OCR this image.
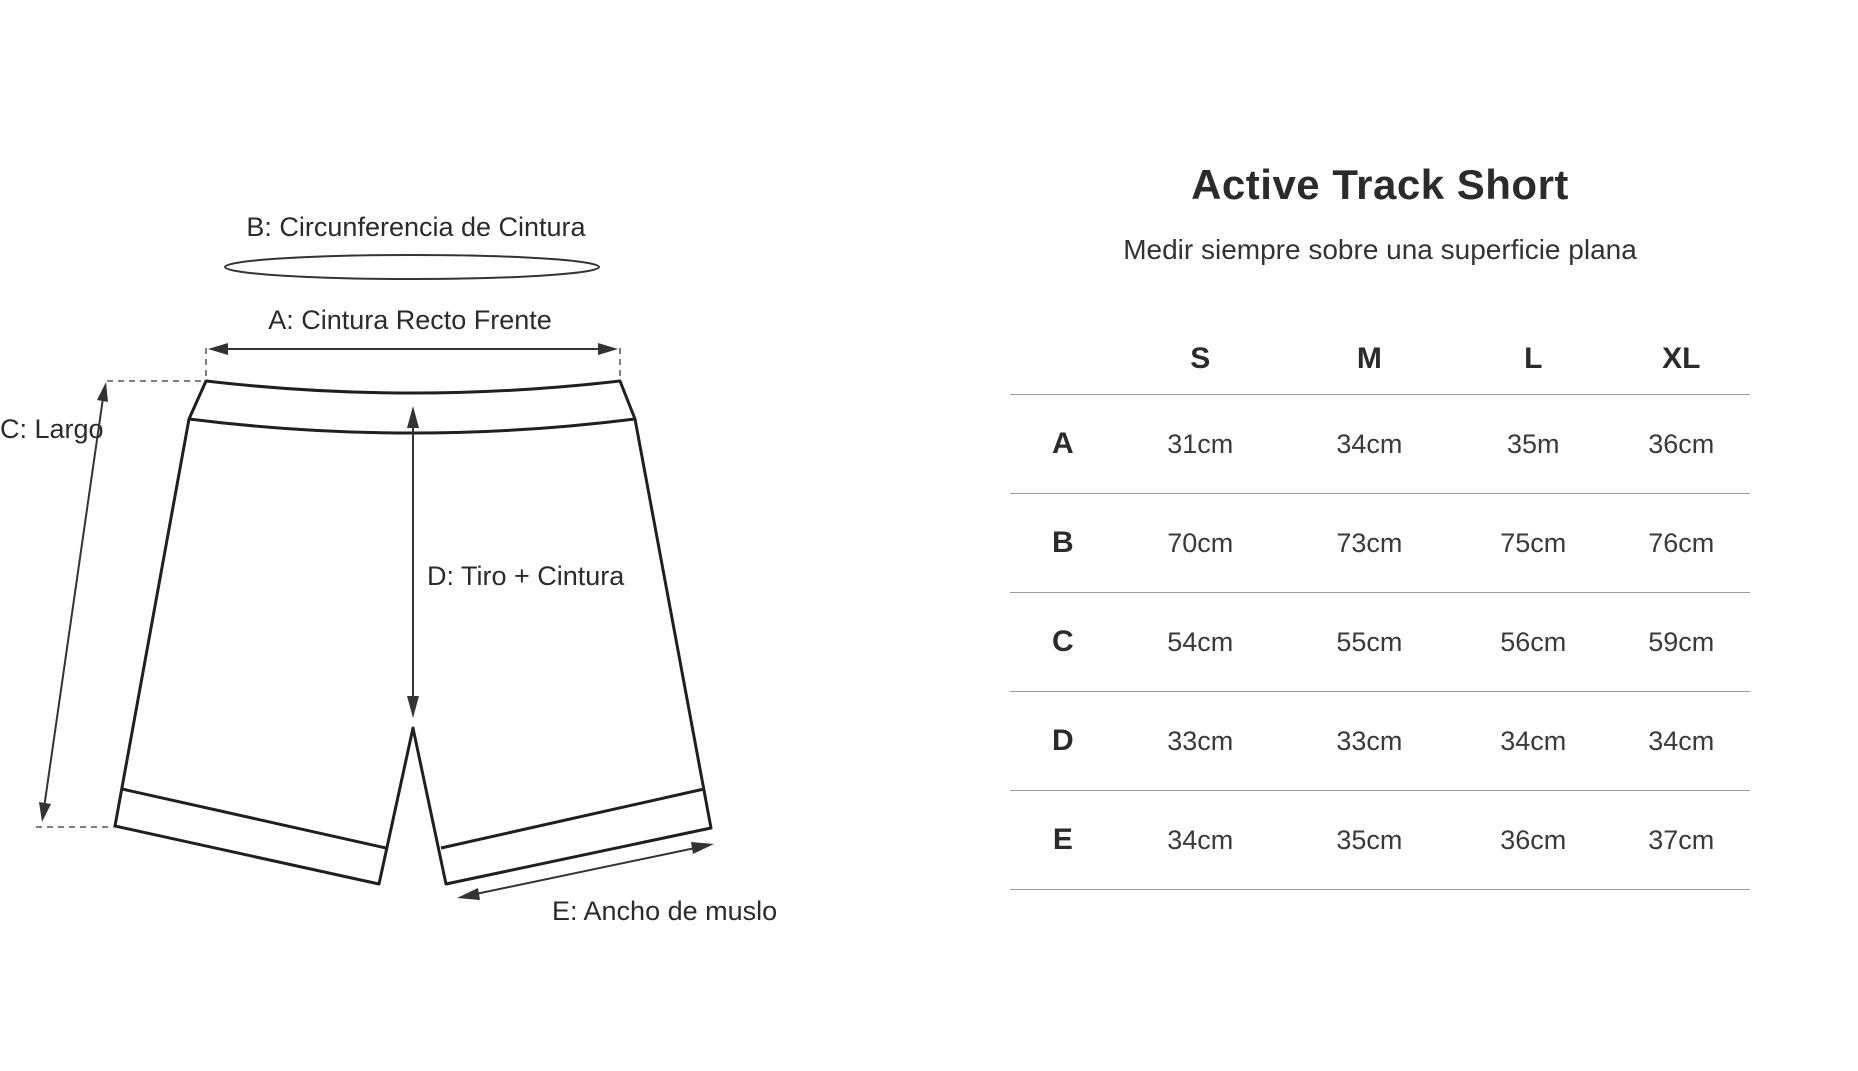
B: Circunferencia de Cintura
A: Cintura Recto Frente
C: Largo
D: Tiro + Cintura
E: Ancho de muslo
Active Track Short

Medir siempre sobre una superficie plana

	S	M	L	XL
A	31cm	34cm	35m	36cm
B	70cm	73cm	75cm	76cm
C	54cm	55cm	56cm	59cm
D	33cm	33cm	34cm	34cm
E	34cm	35cm	36cm	37cm
